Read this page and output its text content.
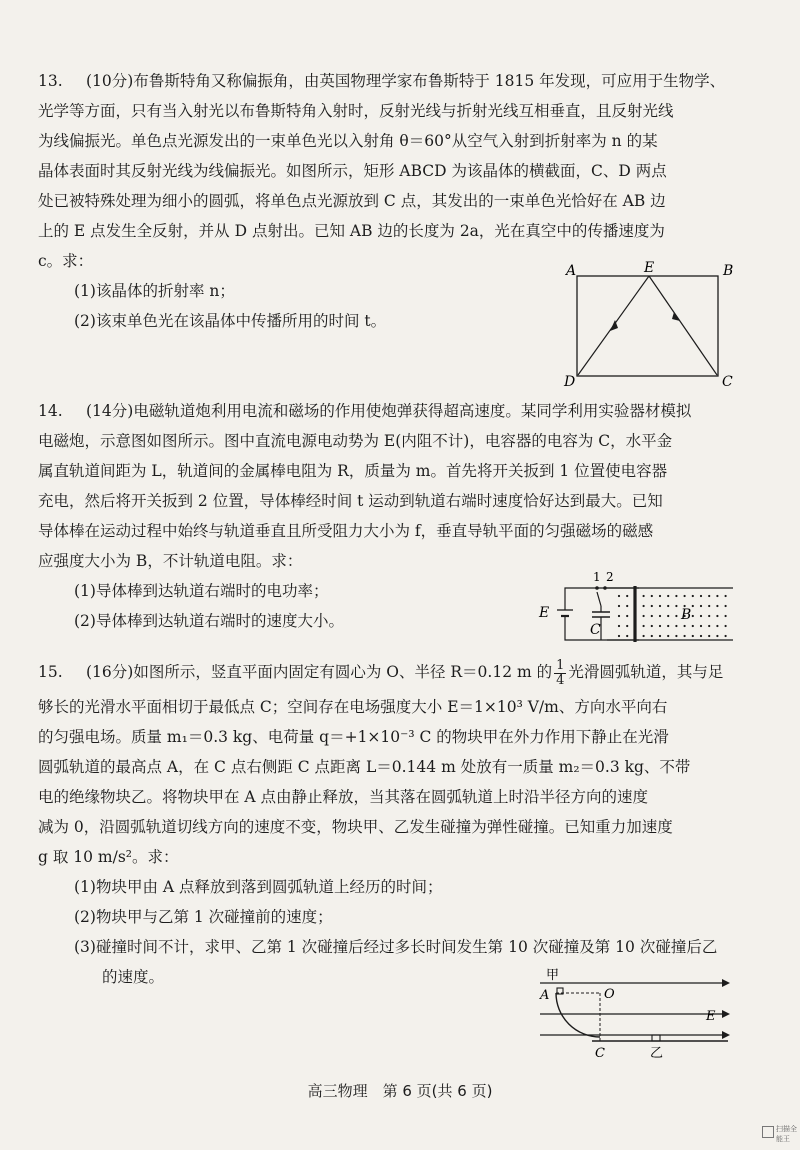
13. (10分)布鲁斯特角又称偏振角，由英国物理学家布鲁斯特于 1815 年发现，可应用于生物学、

光学等方面，只有当入射光以布鲁斯特角入射时，反射光线与折射光线互相垂直，且反射光线

为线偏振光。单色点光源发出的一束单色光以入射角 θ＝60°从空气入射到折射率为 n 的某

晶体表面时其反射光线为线偏振光。如图所示，矩形 ABCD 为该晶体的横截面，C、D 两点

处已被特殊处理为细小的圆弧，将单色点光源放到 C 点，其发出的一束单色光恰好在 AB 边

上的 E 点发生全反射，并从 D 点射出。已知 AB 边的长度为 2a，光在真空中的传播速度为

c。求：

(1)该晶体的折射率 n；

(2)该束单色光在该晶体中传播所用的时间 t。

A	E	B
D	C

14. (14分)电磁轨道炮利用电流和磁场的作用使炮弹获得超高速度。某同学利用实验器材模拟

电磁炮，示意图如图所示。图中直流电源电动势为 E(内阻不计)，电容器的电容为 C，水平金

属直轨道间距为 L，轨道间的金属棒电阻为 R，质量为 m。首先将开关扳到 1 位置使电容器

充电，然后将开关扳到 2 位置，导体棒经时间 t 运动到轨道右端时速度恰好达到最大。已知

导体棒在运动过程中始终与轨道垂直且所受阻力大小为 f，垂直导轨平面的匀强磁场的磁感

应强度大小为 B，不计轨道电阻。求：

(1)导体棒到达轨道右端时的电功率；

(2)导体棒到达轨道右端时的速度大小。

1 2
E
C
B

15. (16分)如图所示，竖直平面内固定有圆心为 O、半径 R＝0.12 m 的 $\frac{1}{4}$ 光滑圆弧轨道，其与足

够长的光滑水平面相切于最低点 C；空间存在电场强度大小 E＝1×10³ V/m、方向水平向右

的匀强电场。质量 m₁＝0.3 kg、电荷量 q＝+1×10⁻³ C 的物块甲在外力作用下静止在光滑

圆弧轨道的最高点 A，在 C 点右侧距 C 点距离 L＝0.144 m 处放有一质量 m₂＝0.3 kg、不带

电的绝缘物块乙。将物块甲在 A 点由静止释放，当其落在圆弧轨道上时沿半径方向的速度

减为 0，沿圆弧轨道切线方向的速度不变，物块甲、乙发生碰撞为弹性碰撞。已知重力加速度

g 取 10 m/s²。求：

(1)物块甲由 A 点释放到落到圆弧轨道上经历的时间；

(2)物块甲与乙第 1 次碰撞前的速度；

(3)碰撞时间不计，求甲、乙第 1 次碰撞后经过多长时间发生第 10 次碰撞及第 10 次碰撞后乙

的速度。	甲
A	O
E
C	乙
高三物理　第 6 页(共 6 页)
扫描全能王
